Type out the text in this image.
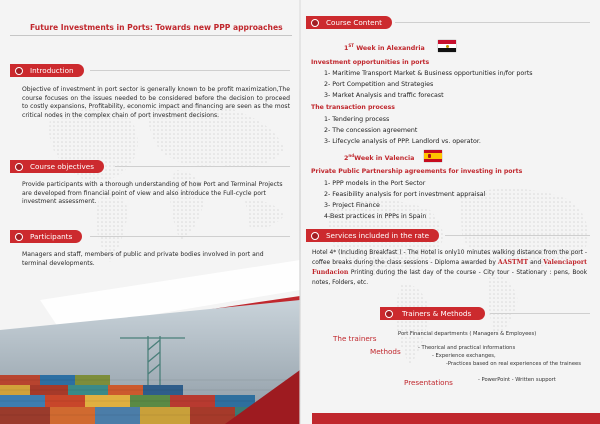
Future Investments in Ports: Towards new PPP approaches
Introduction
Objective of investment in port sector is generally known to be profit maximization,The course focuses on the issues needed to be considered before the decision to proceed to costly expansions, Profitability, economic impact and financing are seen as the most critical nodes in the complex chain of port investment decisions.
Course objectives
Provide participants with a thorough understanding of how Port and Terminal Projects are developed from financial point of view and also introduce the Full-cycle port investment assessment.
Participants
Managers and staff, members of public and private bodies involved in port and terminal developments.
Course Content
1ST Week in Alexandria
Investment opportunities in ports
1- Maritime Transport Market & Business opportunities in/for ports
2- Port Competition and Strategies
3- Market Analysis and traffic forecast
The transaction process
1- Tendering process
2- The concession agreement
3- Lifecycle analysis of PPP. Landlord vs. operator.
2ndWeek in Valencia
Private Public Partnership agreements for investing in ports
1- PPP models in the Port Sector
2- Feasibility analysis for port investment appraisal
3- Project Finance
4-Best practices in PPPs in Spain
Services included in the rate
Hotel 4* (Including Breakfast ) - The Hotel is only10 minutes walking distance from the port - coffee breaks during the class sessions - Diploma awarded by AASTMT and Valenciaport Fundacion Printing during the last day of the course - City tour - Stationary : pens, Book notes, Folders, etc.
Trainers & Methods
The trainers	Port Financial departments ( Managers & Employees)
Methods	- Theorical and practical informations
- Experience exchanges,
-Practices based on real experiences of the trainees
Presentations	- PowerPoint - Written support
